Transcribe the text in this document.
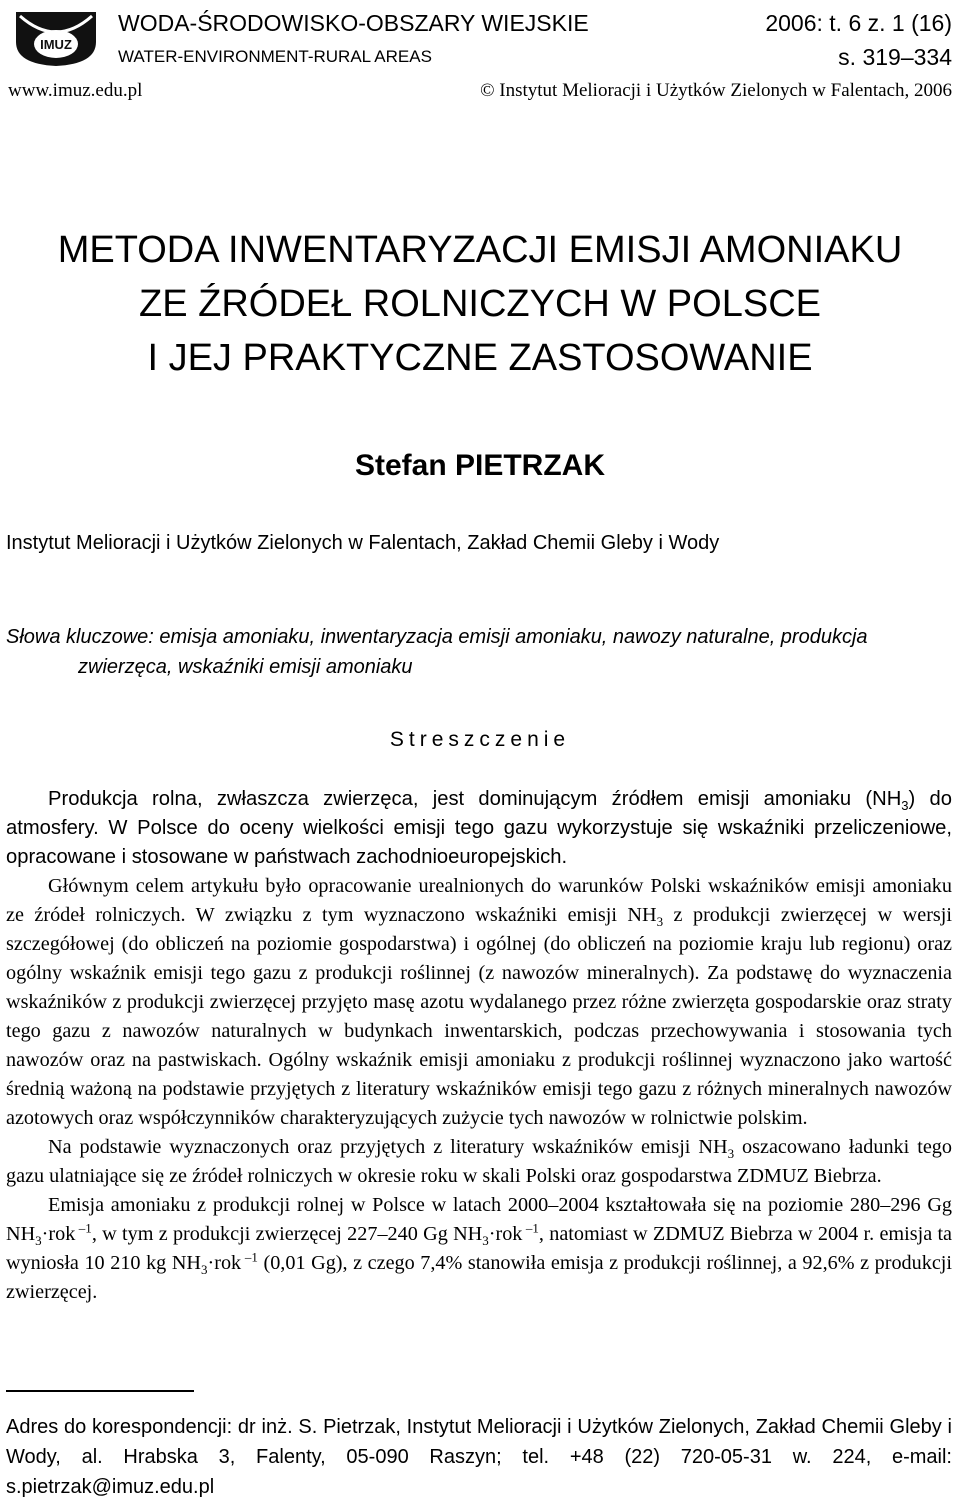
IMUZ
WODA-ŚRODOWISKO-OBSZARY WIEJSKIE
WATER-ENVIRONMENT-RURAL AREAS
2006: t. 6 z. 1 (16)
s. 319–334
www.imuz.edu.pl	© Instytut Melioracji i Użytków Zielonych w Falentach, 2006
METODA INWENTARYZACJI EMISJI AMONIAKU
ZE ŹRÓDEŁ ROLNICZYCH W POLSCE
I JEJ PRAKTYCZNE ZASTOSOWANIE
Stefan PIETRZAK
Instytut Melioracji i Użytków Zielonych w Falentach, Zakład Chemii Gleby i Wody
Słowa kluczowe: emisja amoniaku, inwentaryzacja emisji amoniaku, nawozy naturalne, produkcja
zwierzęca, wskaźniki emisji amoniaku
Streszczenie

Produkcja rolna, zwłaszcza zwierzęca, jest dominującym źródłem emisji amoniaku $(NH_3)$ do atmosfery. W Polsce do oceny wielkości emisji tego gazu wykorzystuje się wskaźniki przeliczeniowe, opracowane i stosowane w państwach zachodnioeuropejskich.

Głównym celem artykułu było opracowanie urealnionych do warunków Polski wskaźników emisji amoniaku ze źródeł rolniczych. W związku z tym wyznaczono wskaźniki emisji $NH_3$ z produkcji zwierzęcej w wersji szczegółowej (do obliczeń na poziomie gospodarstwa) i ogólnej (do obliczeń na poziomie kraju lub regionu) oraz ogólny wskaźnik emisji tego gazu z produkcji roślinnej (z nawozów mineralnych). Za podstawę do wyznaczenia wskaźników z produkcji zwierzęcej przyjęto masę azotu wydalanego przez różne zwierzęta gospodarskie oraz straty tego gazu z nawozów naturalnych w budynkach inwentarskich, podczas przechowywania i stosowania tych nawozów oraz na pastwiskach. Ogólny wskaźnik emisji amoniaku z produkcji roślinnej wyznaczono jako wartość średnią ważoną na podstawie przyjętych z literatury wskaźników emisji tego gazu z różnych mineralnych nawozów azotowych oraz współczynników charakteryzujących zużycie tych nawozów w rolnictwie polskim.

Na podstawie wyznaczonych oraz przyjętych z literatury wskaźników emisji $NH_3$ oszacowano ładunki tego gazu ulatniające się ze źródeł rolniczych w okresie roku w skali Polski oraz gospodarstwa ZDMUZ Biebrza.

Emisja amoniaku z produkcji rolnej w Polsce w latach 2000–2004 kształtowała się na poziomie 280–296 Gg $NH_3\cdot rok$ $^{-1}$, w tym z produkcji zwierzęcej 227–240 Gg $NH_3\cdot rok$ $^{-1}$, natomiast w ZDMUZ Biebrza w 2004 r. emisja ta wyniosła 10 210 kg $NH_3\cdot rok$ $^{-1}$ (0,01 Gg), z czego 7,4% stanowiła emisja z produkcji roślinnej, a 92,6% z produkcji zwierzęcej.

Adres do korespondencji: dr inż. S. Pietrzak, Instytut Melioracji i Użytków Zielonych, Zakład Chemii Gleby i Wody, al. Hrabska 3, Falenty, 05-090 Raszyn; tel. +48 (22) 720-05-31 w. 224, e-mail: s.pietrzak@imuz.edu.pl
